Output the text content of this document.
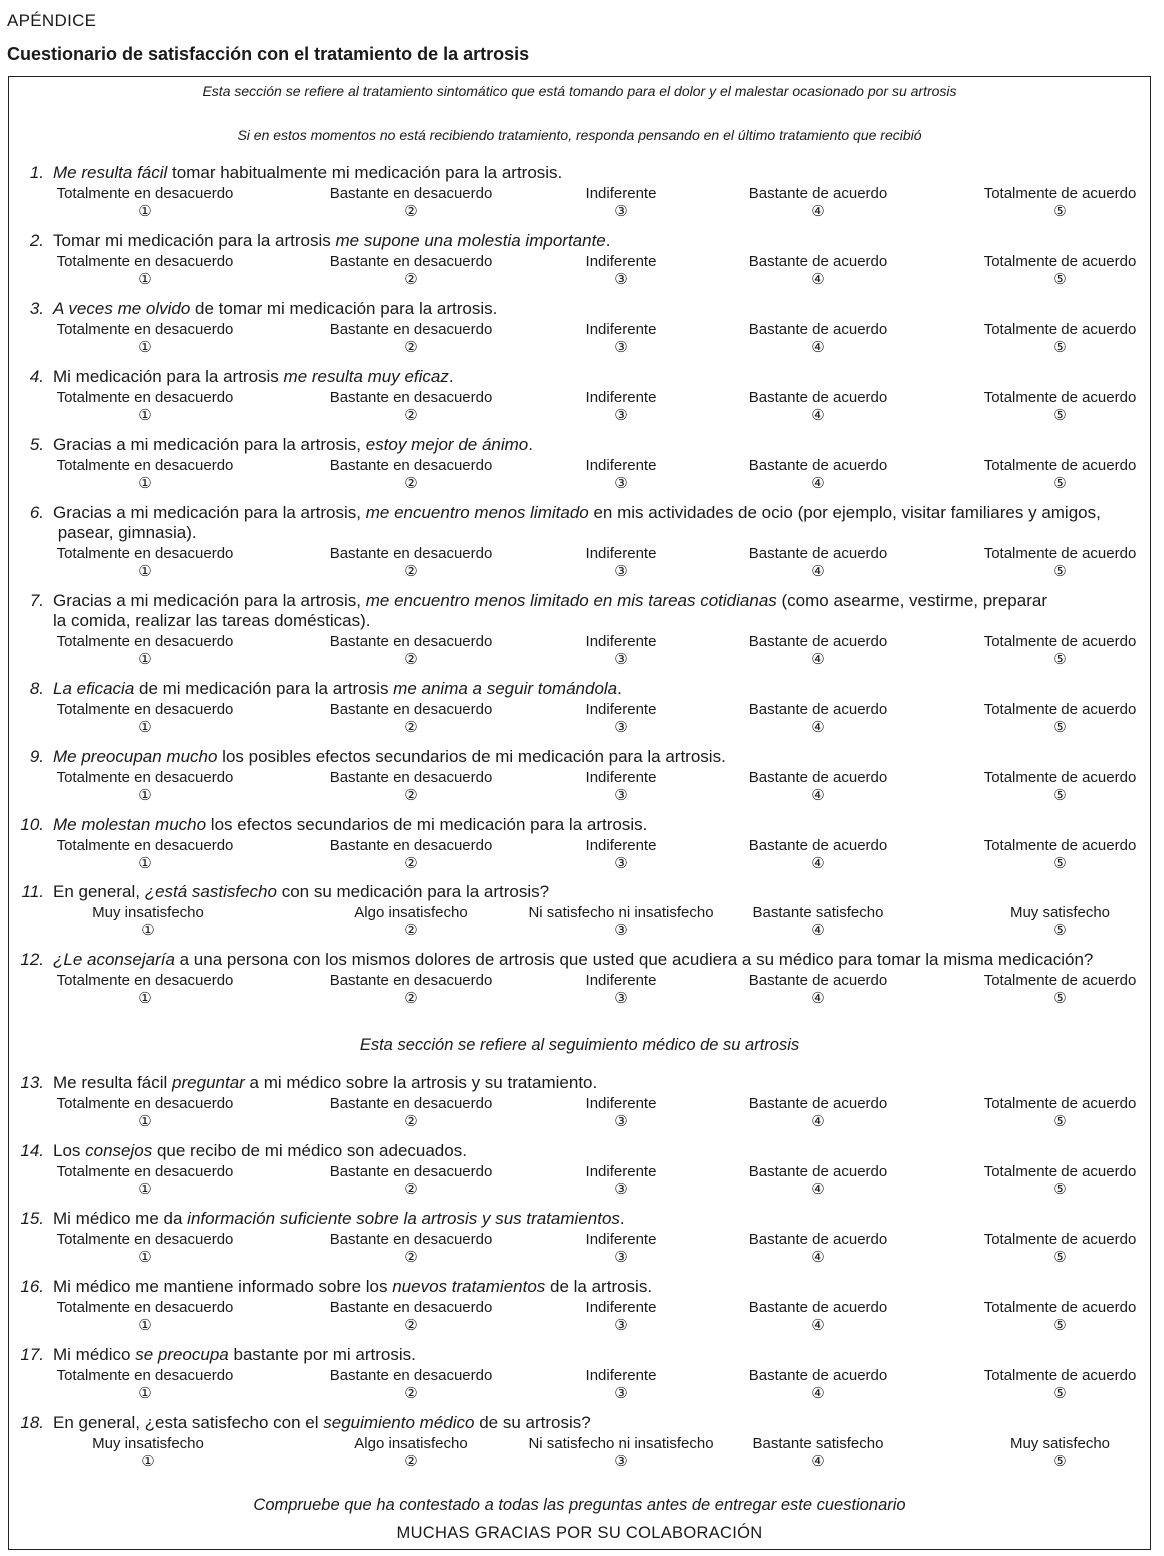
APÉNDICE
Cuestionario de satisfacción con el tratamiento de la artrosis
Esta sección se refiere al tratamiento sintomático que está tomando para el dolor y el malestar ocasionado por su artrosis
Si en estos momentos no está recibiendo tratamiento, responda pensando en el último tratamiento que recibió
Esta sección se refiere al seguimiento médico de su artrosis
1. Me resulta fácil tomar habitualmente mi medicación para la artrosis.
Totalmente en desacuerdo
①
Bastante en desacuerdo
②
Indiferente
③
Bastante de acuerdo
④
Totalmente de acuerdo
⑤
2. Tomar mi medicación para la artrosis me supone una molestia importante.
Totalmente en desacuerdo
①
Bastante en desacuerdo
②
Indiferente
③
Bastante de acuerdo
④
Totalmente de acuerdo
⑤
3. A veces me olvido de tomar mi medicación para la artrosis.
Totalmente en desacuerdo
①
Bastante en desacuerdo
②
Indiferente
③
Bastante de acuerdo
④
Totalmente de acuerdo
⑤
4. Mi medicación para la artrosis me resulta muy eficaz.
Totalmente en desacuerdo
①
Bastante en desacuerdo
②
Indiferente
③
Bastante de acuerdo
④
Totalmente de acuerdo
⑤
5. Gracias a mi medicación para la artrosis, estoy mejor de ánimo.
Totalmente en desacuerdo
①
Bastante en desacuerdo
②
Indiferente
③
Bastante de acuerdo
④
Totalmente de acuerdo
⑤
6. Gracias a mi medicación para la artrosis, me encuentro menos limitado en mis actividades de ocio (por ejemplo, visitar familiares y amigos,
pasear, gimnasia).
Totalmente en desacuerdo
①
Bastante en desacuerdo
②
Indiferente
③
Bastante de acuerdo
④
Totalmente de acuerdo
⑤
7. Gracias a mi medicación para la artrosis, me encuentro menos limitado en mis tareas cotidianas (como asearme, vestirme, preparar
la comida, realizar las tareas domésticas).
Totalmente en desacuerdo
①
Bastante en desacuerdo
②
Indiferente
③
Bastante de acuerdo
④
Totalmente de acuerdo
⑤
8. La eficacia de mi medicación para la artrosis me anima a seguir tomándola.
Totalmente en desacuerdo
①
Bastante en desacuerdo
②
Indiferente
③
Bastante de acuerdo
④
Totalmente de acuerdo
⑤
9. Me preocupan mucho los posibles efectos secundarios de mi medicación para la artrosis.
Totalmente en desacuerdo
①
Bastante en desacuerdo
②
Indiferente
③
Bastante de acuerdo
④
Totalmente de acuerdo
⑤
10. Me molestan mucho los efectos secundarios de mi medicación para la artrosis.
Totalmente en desacuerdo
①
Bastante en desacuerdo
②
Indiferente
③
Bastante de acuerdo
④
Totalmente de acuerdo
⑤
11. En general, ¿está sastisfecho con su medicación para la artrosis?
Muy insatisfecho
①
Algo insatisfecho
②
Ni satisfecho ni insatisfecho
③
Bastante satisfecho
④
Muy satisfecho
⑤
12. ¿Le aconsejaría a una persona con los mismos dolores de artrosis que usted que acudiera a su médico para tomar la misma medicación?
Totalmente en desacuerdo
①
Bastante en desacuerdo
②
Indiferente
③
Bastante de acuerdo
④
Totalmente de acuerdo
⑤
13. Me resulta fácil preguntar a mi médico sobre la artrosis y su tratamiento.
Totalmente en desacuerdo
①
Bastante en desacuerdo
②
Indiferente
③
Bastante de acuerdo
④
Totalmente de acuerdo
⑤
14. Los consejos que recibo de mi médico son adecuados.
Totalmente en desacuerdo
①
Bastante en desacuerdo
②
Indiferente
③
Bastante de acuerdo
④
Totalmente de acuerdo
⑤
15. Mi médico me da información suficiente sobre la artrosis y sus tratamientos.
Totalmente en desacuerdo
①
Bastante en desacuerdo
②
Indiferente
③
Bastante de acuerdo
④
Totalmente de acuerdo
⑤
16. Mi médico me mantiene informado sobre los nuevos tratamientos de la artrosis.
Totalmente en desacuerdo
①
Bastante en desacuerdo
②
Indiferente
③
Bastante de acuerdo
④
Totalmente de acuerdo
⑤
17. Mi médico se preocupa bastante por mi artrosis.
Totalmente en desacuerdo
①
Bastante en desacuerdo
②
Indiferente
③
Bastante de acuerdo
④
Totalmente de acuerdo
⑤
18. En general, ¿esta satisfecho con el seguimiento médico de su artrosis?
Muy insatisfecho
①
Algo insatisfecho
②
Ni satisfecho ni insatisfecho
③
Bastante satisfecho
④
Muy satisfecho
⑤
Compruebe que ha contestado a todas las preguntas antes de entregar este cuestionario
MUCHAS GRACIAS POR SU COLABORACIÓN
